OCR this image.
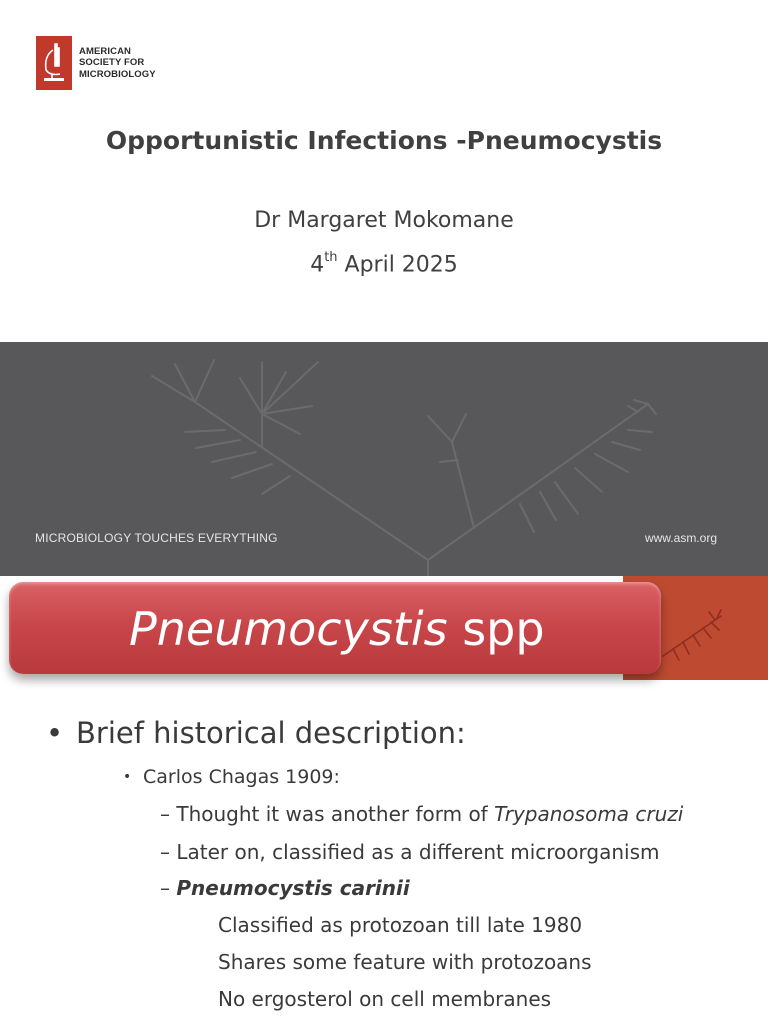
AMERICAN
SOCIETY FOR
MICROBIOLOGY
Opportunistic Infections -Pneumocystis
Dr Margaret Mokomane
4th April 2025
MICROBIOLOGY TOUCHES EVERYTHING	www.asm.org
Pneumocystis spp
• Brief historical description:
• Carlos Chagas 1909:
– Thought it was another form of Trypanosoma cruzi
– Later on, classified as a different microorganism
– Pneumocystis carinii
Classified as protozoan till late 1980
Shares some feature with protozoans
No ergosterol on cell membranes
